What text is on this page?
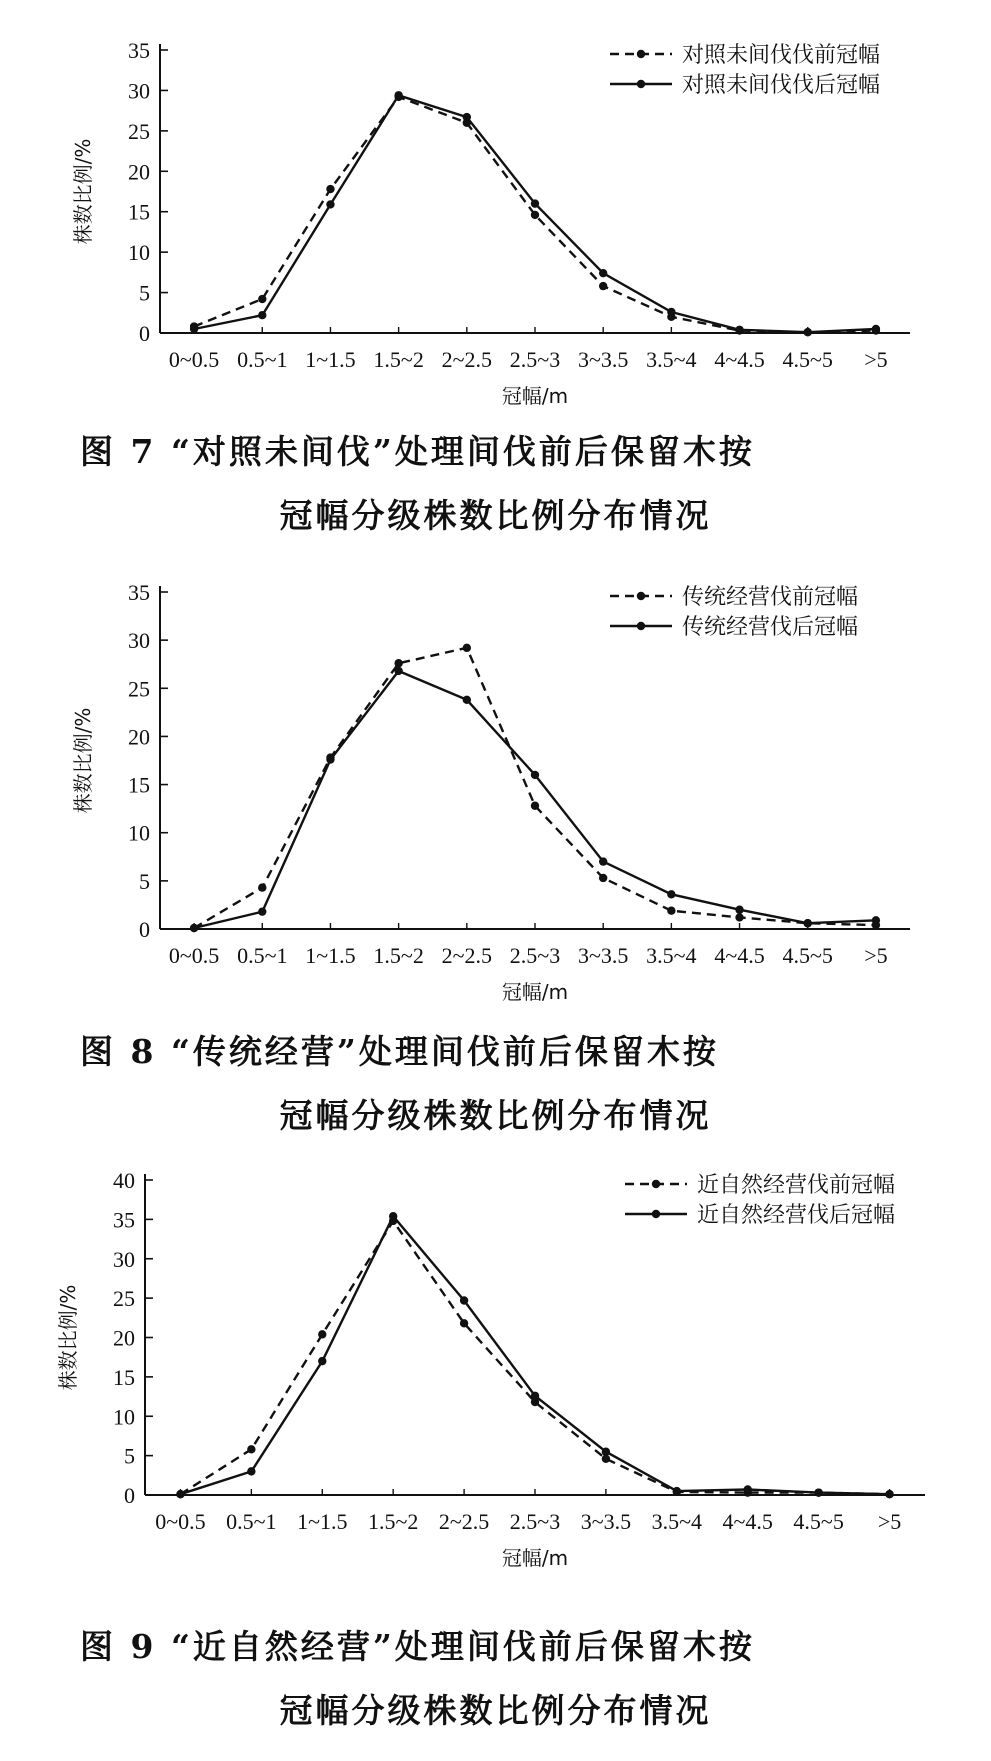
0
5
10
15
20
25
30
35
0~0.5 0.5~1 1~1.5 1.5~2 2~2.5 2.5~3 3~3.5 3.5~4 4~4.5 4.5~5 >5
冠幅/m
株数比例/%
对照未间伐伐前冠幅
对照未间伐伐后冠幅
图 7 “对照未间伐”处理间伐前后保留木按
冠幅分级株数比例分布情况
0
5
10
15
20
25
30
35
0~0.5 0.5~1 1~1.5 1.5~2 2~2.5 2.5~3 3~3.5 3.5~4 4~4.5 4.5~5 >5
冠幅/m
株数比例/%
传统经营伐前冠幅
传统经营伐后冠幅
图 8 “传统经营”处理间伐前后保留木按
冠幅分级株数比例分布情况
0
5
10
15
20
25
30
35
40
0~0.5 0.5~1 1~1.5 1.5~2 2~2.5 2.5~3 3~3.5 3.5~4 4~4.5 4.5~5 >5
冠幅/m
株数比例/%
近自然经营伐前冠幅
近自然经营伐后冠幅
图 9 “近自然经营”处理间伐前后保留木按
冠幅分级株数比例分布情况
